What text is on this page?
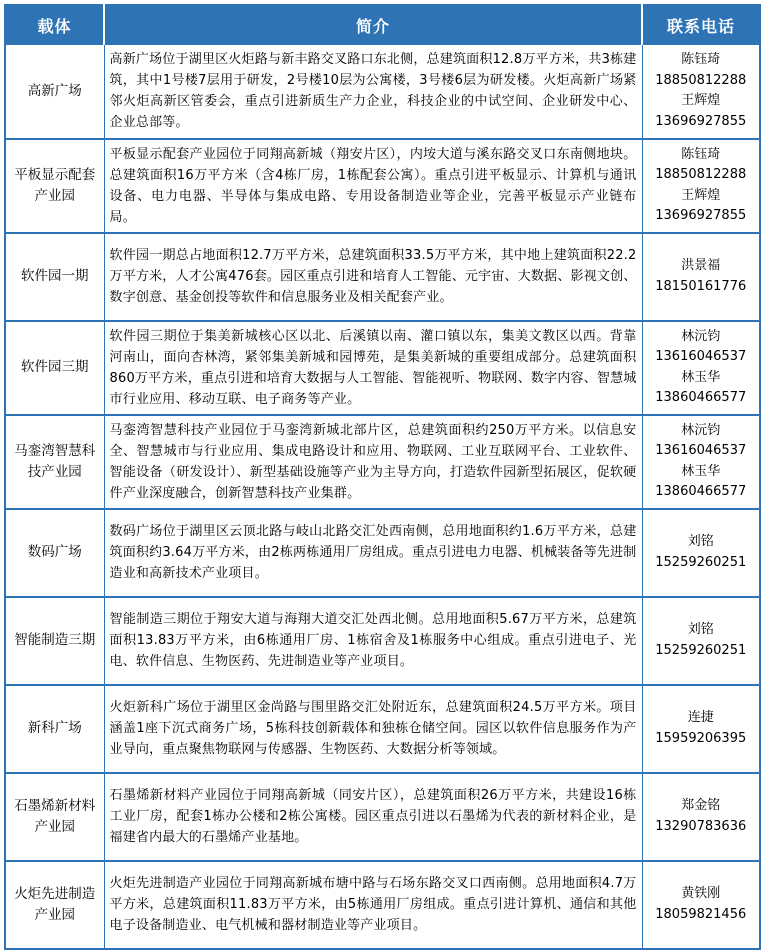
载体	简介	联系电话
高新广场	高新广场位于湖里区火炬路与新丰路交叉路口东北侧，总建筑面积12.8万平方米，共3栋建筑，其中1号楼7层用于研发，2号楼10层为公寓楼，3号楼6层为研发楼。火炬高新广场紧邻火炬高新区管委会，重点引进新质生产力企业，科技企业的中试空间、企业研发中心、企业总部等。	陈钰琦
18850812288
王辉煌
13696927855

平板显示配套产业园	平板显示配套产业园位于同翔高新城（翔安片区），内垵大道与溪东路交叉口东南侧地块。总建筑面积16万平方米（含4栋厂房，1栋配套公寓）。重点引进平板显示、计算机与通讯设备、电力电器、半导体与集成电路、专用设备制造业等企业，完善平板显示产业链布局。	陈钰琦
18850812288
王辉煌
13696927855

软件园一期	软件园一期总占地面积12.7万平方米，总建筑面积33.5万平方米，其中地上建筑面积22.2万平方米，人才公寓476套。园区重点引进和培育人工智能、元宇宙、大数据、影视文创、数字创意、基金创投等软件和信息服务业及相关配套产业。	洪景福
18150161776

软件园三期	软件园三期位于集美新城核心区以北、后溪镇以南、灌口镇以东，集美文教区以西。背靠河南山，面向杏林湾，紧邻集美新城和园博苑，是集美新城的重要组成部分。总建筑面积860万平方米，重点引进和培育大数据与人工智能、智能视听、物联网、数字内容、智慧城市行业应用、移动互联、电子商务等产业。	林沅钧
13616046537
林玉华
13860466577

马銮湾智慧科技产业园	马銮湾智慧科技产业园位于马銮湾新城北部片区，总建筑面积约250万平方米。以信息安全、智慧城市与行业应用、集成电路设计和应用、物联网、工业互联网平台、工业软件、智能设备（研发设计）、新型基础设施等产业为主导方向，打造软件园新型拓展区，促软硬件产业深度融合，创新智慧科技产业集群。	林沅钧
13616046537
林玉华
13860466577

数码广场	数码广场位于湖里区云顶北路与岐山北路交汇处西南侧，总用地面积约1.6万平方米，总建筑面积约3.64万平方米，由2栋两栋通用厂房组成。重点引进电力电器、机械装备等先进制造业和高新技术产业项目。	刘铭
15259260251

智能制造三期	智能制造三期位于翔安大道与海翔大道交汇处西北侧。总用地面积5.67万平方米，总建筑面积13.83万平方米，由6栋通用厂房、1栋宿舍及1栋服务中心组成。重点引进电子、光电、软件信息、生物医药、先进制造业等产业项目。	刘铭
15259260251

新科广场	火炬新科广场位于湖里区金尚路与围里路交汇处附近东，总建筑面积24.5万平方米。项目涵盖1座下沉式商务广场，5栋科技创新载体和独栋仓储空间。园区以软件信息服务作为产业导向，重点聚焦物联网与传感器、生物医药、大数据分析等领域。	连捷
15959206395

石墨烯新材料产业园	石墨烯新材料产业园位于同翔高新城（同安片区），总建筑面积26万平方米，共建设16栋工业厂房，配套1栋办公楼和2栋公寓楼。园区重点引进以石墨烯为代表的新材料企业，是福建省内最大的石墨烯产业基地。	郑金铭
13290783636

火炬先进制造产业园	火炬先进制造产业园位于同翔高新城布塘中路与石场东路交叉口西南侧。总用地面积4.7万平方米，总建筑面积11.83万平方米，由5栋通用厂房组成。重点引进计算机、通信和其他电子设备制造业、电气机械和器材制造业等产业项目。	黄铁刚
18059821456
